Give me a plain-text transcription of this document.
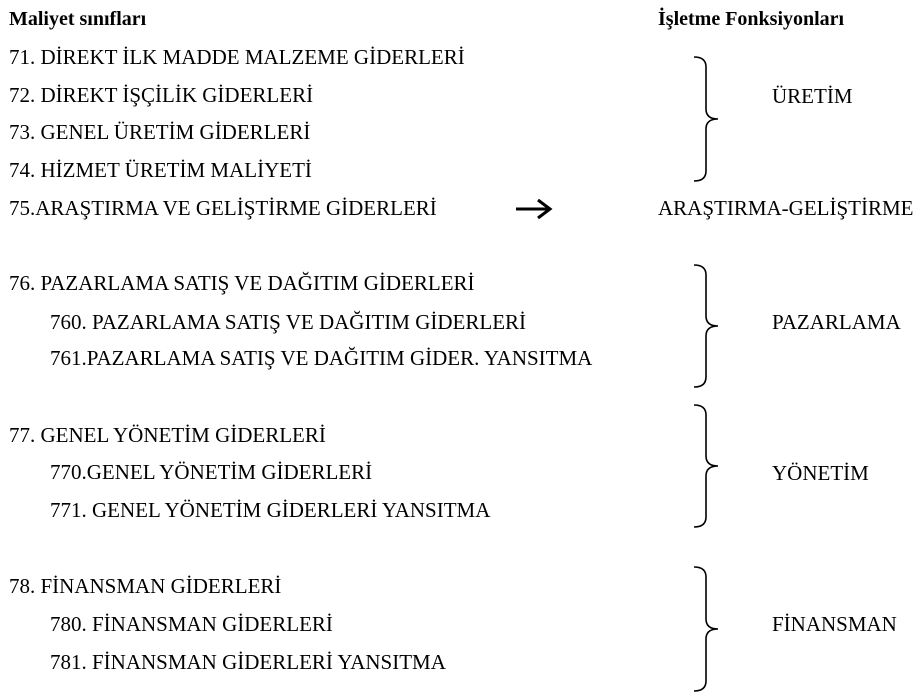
Maliyet sınıfları	İşletme Fonksiyonları
71. DİREKT İLK MADDE MALZEME GİDERLERİ
72. DİREKT İŞÇİLİK GİDERLERİ
73. GENEL ÜRETİM GİDERLERİ
74. HİZMET ÜRETİM MALİYETİ
ÜRETİM
75.ARAŞTIRMA VE GELİŞTİRME GİDERLERİ	ARAŞTIRMA-GELİŞTİRME
76. PAZARLAMA SATIŞ VE DAĞITIM GİDERLERİ
760. PAZARLAMA SATIŞ VE DAĞITIM GİDERLERİ
761.PAZARLAMA SATIŞ VE DAĞITIM GİDER. YANSITMA
PAZARLAMA
77. GENEL YÖNETİM GİDERLERİ
770.GENEL YÖNETİM GİDERLERİ
771. GENEL YÖNETİM GİDERLERİ YANSITMA
YÖNETİM
78. FİNANSMAN GİDERLERİ
780. FİNANSMAN GİDERLERİ
781. FİNANSMAN GİDERLERİ YANSITMA
FİNANSMAN
